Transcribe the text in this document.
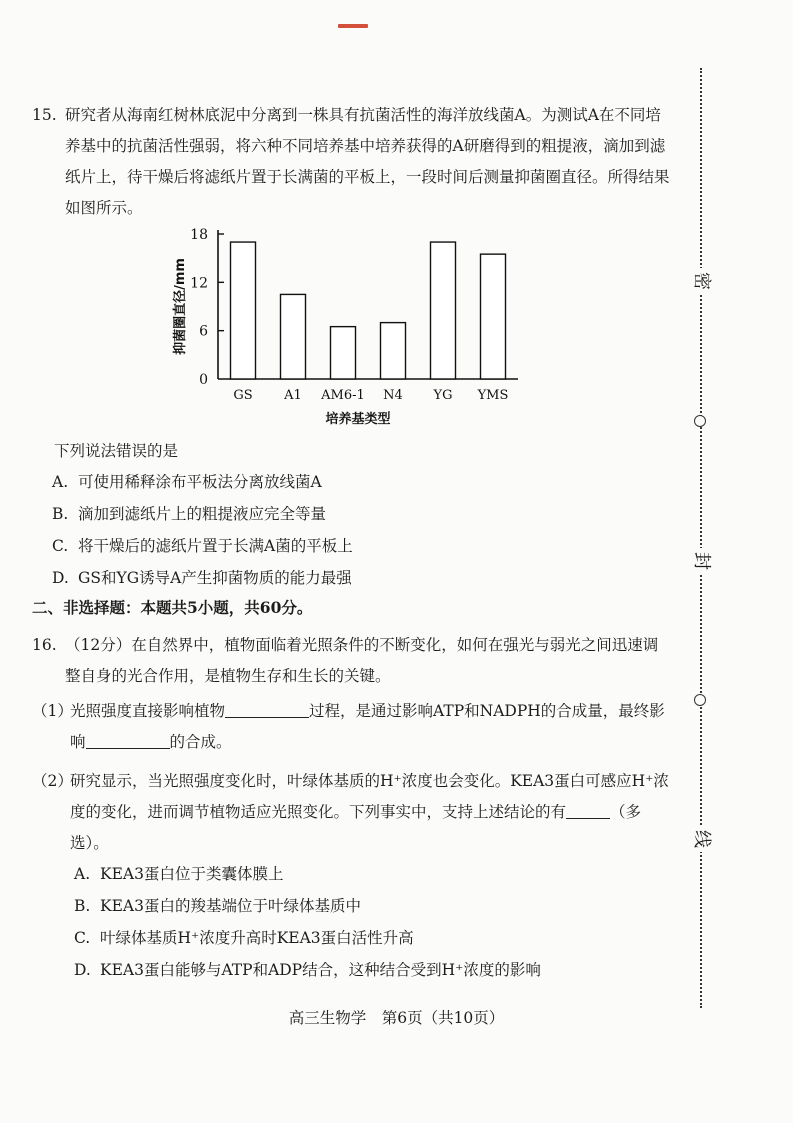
密
封
线
15. 研究者从海南红树林底泥中分离到一株具有抗菌活性的海洋放线菌A。为测试A在不同培养基中的抗菌活性强弱，将六种不同培养基中培养获得的A研磨得到的粗提液，滴加到滤纸片上，待干燥后将滤纸片置于长满菌的平板上，一段时间后测量抑菌圈直径。所得结果如图所示。
0
6
12
18
抑菌圈直径/mm
GS A1 AM6-1 N4 YG YMS
培养基类型
下列说法错误的是
A. 可使用稀释涂布平板法分离放线菌A
B. 滴加到滤纸片上的粗提液应完全等量
C. 将干燥后的滤纸片置于长满A菌的平板上
D. GS和YG诱导A产生抑菌物质的能力最强
二、非选择题：本题共5小题，共60分。
16. （12分）在自然界中，植物面临着光照条件的不断变化，如何在强光与弱光之间迅速调整自身的光合作用，是植物生存和生长的关键。
（1）
光照强度直接影响植物	过程，是通过影响ATP和NADPH的合成量，最终影响	的合成。
（2）
研究显示，当光照强度变化时，叶绿体基质的H⁺浓度也会变化。KEA3蛋白可感应H⁺浓度的变化，进而调节植物适应光照变化。下列事实中，支持上述结论的有	（多选）。
A. KEA3蛋白位于类囊体膜上
B. KEA3蛋白的羧基端位于叶绿体基质中
C. 叶绿体基质H⁺浓度升高时KEA3蛋白活性升高
D. KEA3蛋白能够与ATP和ADP结合，这种结合受到H⁺浓度的影响
高三生物学　第6页（共10页）
